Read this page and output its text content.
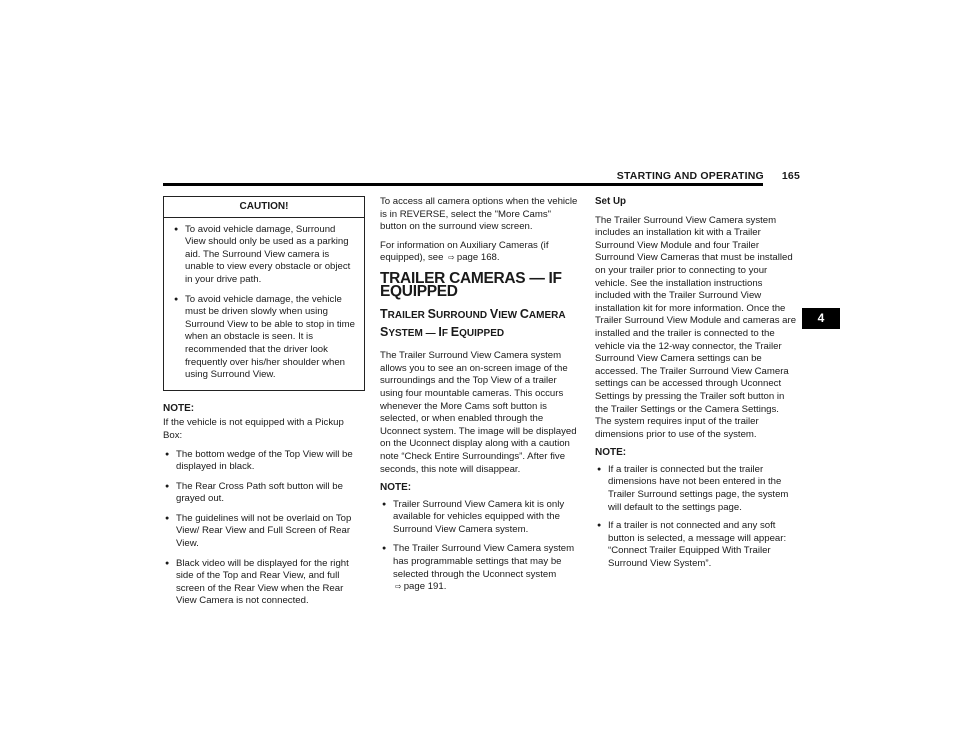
STARTING AND OPERATING 165
4
CAUTION!
● To avoid vehicle damage, Surround View should only be used as a parking aid. The Surround View camera is unable to view every obstacle or object in your drive path.
● To avoid vehicle damage, the vehicle must be driven slowly when using Surround View to be able to stop in time when an obstacle is seen. It is recommended that the driver look frequently over his/her shoulder when using Surround View.
NOTE:

If the vehicle is not equipped with a Pickup Box:

● The bottom wedge of the Top View will be displayed in black.
● The Rear Cross Path soft button will be grayed out.
● The guidelines will not be overlaid on Top View/ Rear View and Full Screen of Rear View.
● Black video will be displayed for the right side of the Top and Rear View, and full screen of the Rear View when the Rear View Camera is not connected.

To access all camera options when the vehicle is in REVERSE, select the "More Cams" button on the surround view screen.

For information on Auxiliary Cameras (if equipped), see ⇨ page 168.

TRAILER CAMERAS — IF EQUIPPED
TRAILER SURROUND VIEW CAMERA
SYSTEM — IF EQUIPPED

The Trailer Surround View Camera system allows you to see an on-screen image of the surroundings and the Top View of a trailer using four mountable cameras. This occurs whenever the More Cams soft button is selected, or when enabled through the Uconnect system. The image will be displayed on the Uconnect display along with a caution note “Check Entire Surroundings”. After five seconds, this note will disappear.

NOTE:
● Trailer Surround View Camera kit is only available for vehicles equipped with the Surround View Camera system.
● The Trailer Surround View Camera system has programmable settings that may be selected through the Uconnect system ⇨ page 191.
Set Up

The Trailer Surround View Camera system includes an installation kit with a Trailer Surround View Module and four Trailer Surround View Cameras that must be installed on your trailer prior to connecting to your vehicle. See the installation instructions included with the Trailer Surround View installation kit for more information. Once the Trailer Surround View Module and cameras are installed and the trailer is connected to the vehicle via the 12-way connector, the Trailer Surround View Camera settings can be accessed. The Trailer Surround View Camera settings can be accessed through Uconnect Settings by pressing the Trailer soft button in the Trailer Settings or the Camera Settings. The system requires input of the trailer dimensions prior to use of the system.

NOTE:
● If a trailer is connected but the trailer dimensions have not been entered in the Trailer Surround settings page, the system will default to the settings page.
● If a trailer is not connected and any soft button is selected, a message will appear: “Connect Trailer Equipped With Trailer Surround View System”.
